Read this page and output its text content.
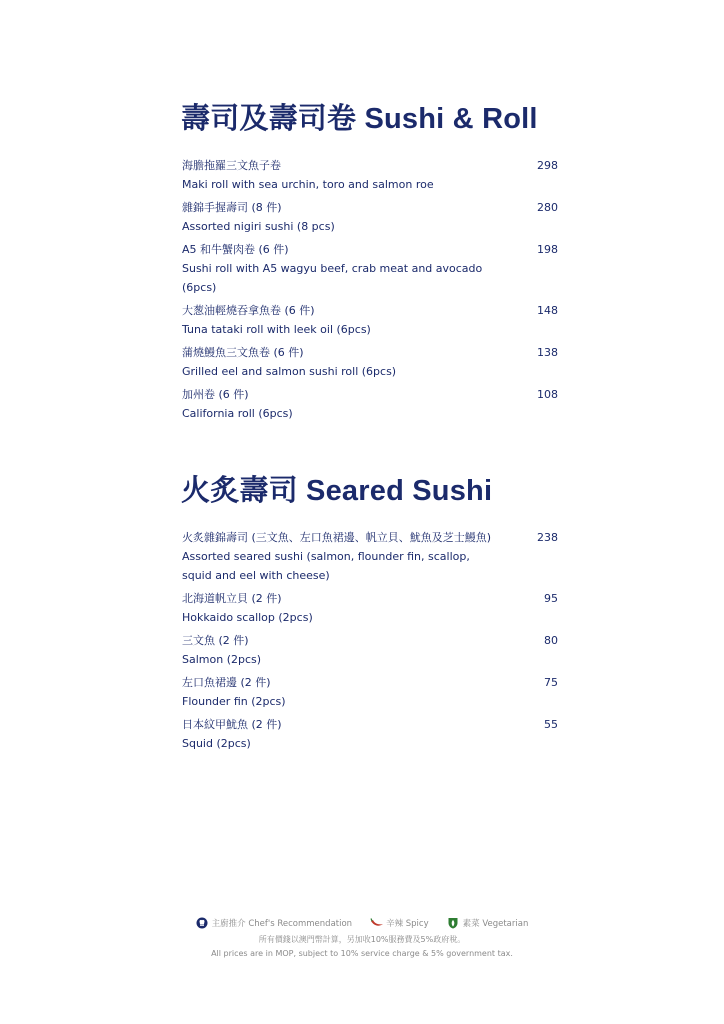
壽司及壽司卷 Sushi & Roll
海膽拖羅三文魚子卷
Maki roll with sea urchin, toro and salmon roe
298
雜錦手握壽司 (8 件)
Assorted nigiri sushi (8 pcs)
280
A5 和牛蟹肉卷 (6 件)
Sushi roll with A5 wagyu beef, crab meat and avocado (6pcs)
198
大葱油輕燒吞拿魚卷 (6 件)
Tuna tataki roll with leek oil (6pcs)
148
蒲燒鰻魚三文魚卷 (6 件)
Grilled eel and salmon sushi roll (6pcs)
138
加州卷 (6 件)
California roll (6pcs)
108
火炙壽司 Seared Sushi
火炙雜錦壽司 (三文魚、左口魚裙邊、帆立貝、魷魚及芝士鰻魚)
Assorted seared sushi (salmon, flounder fin, scallop, squid and eel with cheese)
238
北海道帆立貝 (2 件)
Hokkaido scallop (2pcs)
95
三文魚 (2 件)
Salmon (2pcs)
80
左口魚裙邊 (2 件)
Flounder fin (2pcs)
75
日本紋甲魷魚 (2 件)
Squid (2pcs)
55
主廚推介 Chef's Recommendation	辛辣 Spicy	素菜 Vegetarian
所有價錢以澳門幣計算，另加收10%服務費及5%政府稅。
All prices are in MOP, subject to 10% service charge & 5% government tax.
